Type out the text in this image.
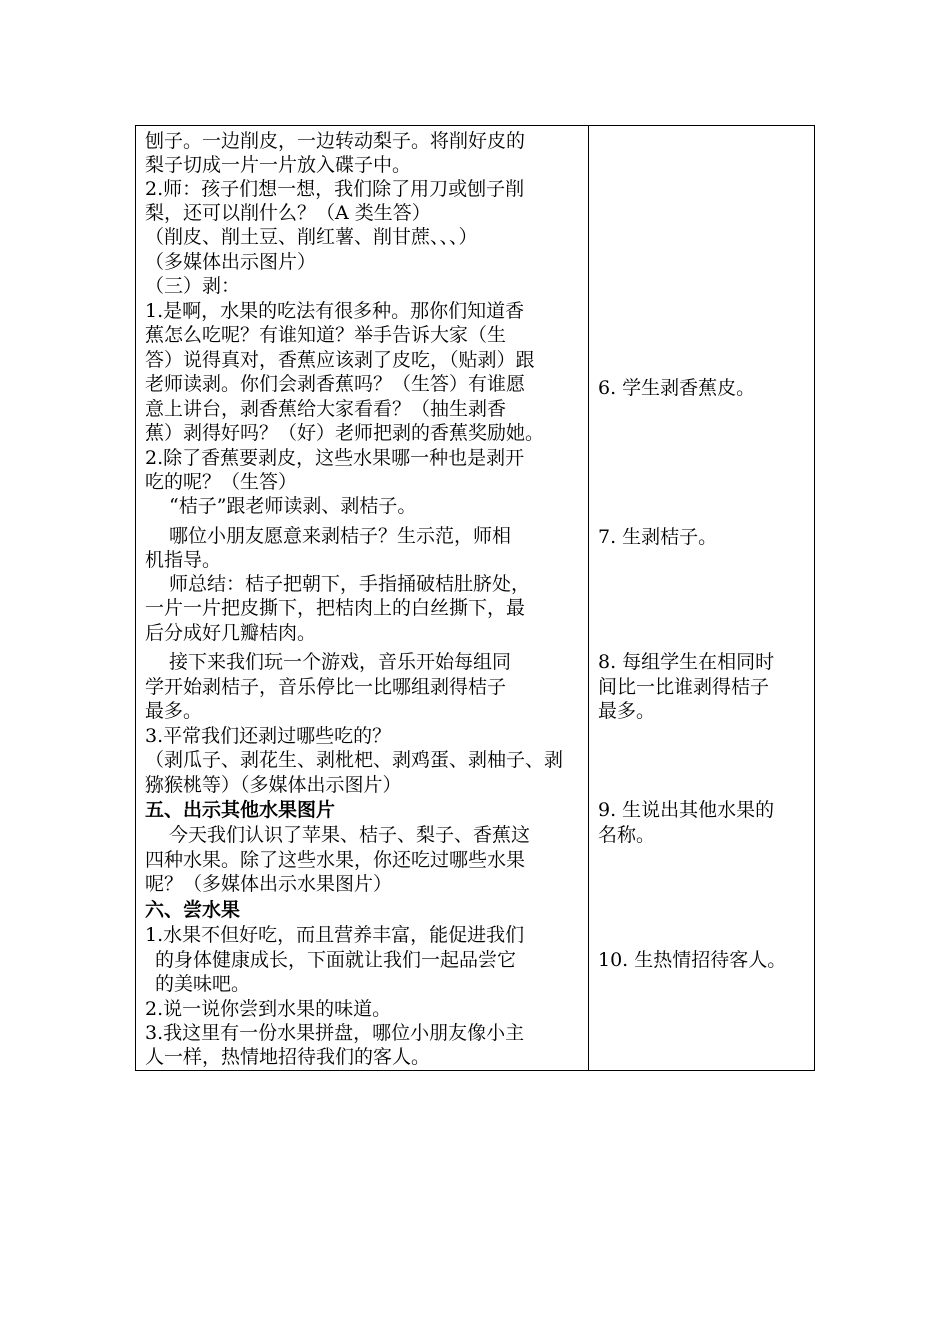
刨子。一边削皮，一边转动梨子。将削好皮的
梨子切成一片一片放入碟子中。
2.师：孩子们想一想，我们除了用刀或刨子削
梨，还可以削什么？（A 类生答）
（削皮、削土豆、削红薯、削甘蔗、、、）
（多媒体出示图片）
（三）剥：
1.是啊，水果的吃法有很多种。那你们知道香
蕉怎么吃呢？有谁知道？举手告诉大家（生
答）说得真对，香蕉应该剥了皮吃，（贴剥）跟
老师读剥。你们会剥香蕉吗？（生答）有谁愿
意上讲台，剥香蕉给大家看看？（抽生剥香
蕉）剥得好吗？（好）老师把剥的香蕉奖励她。
2.除了香蕉要剥皮，这些水果哪一种也是剥开
吃的呢？（生答）
“桔子”跟老师读剥、剥桔子。
哪位小朋友愿意来剥桔子？生示范，师相
机指导。
师总结：桔子把朝下，手指捅破桔肚脐处，
一片一片把皮撕下，把桔肉上的白丝撕下，最
后分成好几瓣桔肉。
接下来我们玩一个游戏，音乐开始每组同
学开始剥桔子，音乐停比一比哪组剥得桔子
最多。
3.平常我们还剥过哪些吃的？
（剥瓜子、剥花生、剥枇杷、剥鸡蛋、剥柚子、剥
猕猴桃等）（多媒体出示图片）
五、出示其他水果图片
今天我们认识了苹果、桔子、梨子、香蕉这
四种水果。除了这些水果，你还吃过哪些水果
呢？（多媒体出示水果图片）
六、尝水果
1.水果不但好吃，而且营养丰富，能促进我们
的身体健康成长，下面就让我们一起品尝它
的美味吧。
2.说一说你尝到水果的味道。
3.我这里有一份水果拼盘，哪位小朋友像小主
人一样，热情地招待我们的客人。
6. 学生剥香蕉皮。
7. 生剥桔子。
8. 每组学生在相同时
间比一比谁剥得桔子
最多。
9. 生说出其他水果的
名称。
10. 生热情招待客人。
